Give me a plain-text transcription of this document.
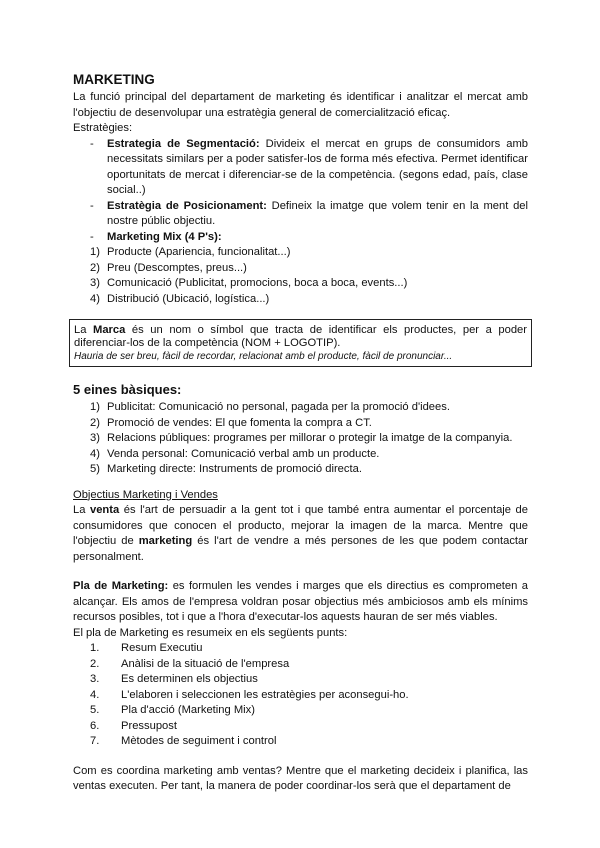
MARKETING

La funció principal del departament de marketing és identificar i analitzar el mercat amb l'objectiu de desenvolupar una estratègia general de comercialització eficaç.

Estratègies:
- Estrategia de Segmentació: Divideix el mercat en grups de consumidors amb necessitats similars per a poder satisfer-los de forma més efectiva. Permet identificar oportunitats de mercat i diferenciar-se de la competència. (segons edad, país, clase social..)
- Estratègia de Posicionament: Defineix la imatge que volem tenir en la ment del nostre públic objectiu.
- Marketing Mix (4 P's):
1) Producte (Apariencia, funcionalitat...)
2) Preu (Descomptes, preus...)
3) Comunicació (Publicitat, promocions, boca a boca, events...)
4) Distribució (Ubicació, logística...)

La Marca és un nom o símbol que tracta de identificar els productes, per a poder diferenciar-los de la competència (NOM + LOGOTIP).

Hauria de ser breu, fàcil de recordar, relacionat amb el producte, fàcil de pronunciar...
5 eines bàsiques:
1) Publicitat: Comunicació no personal, pagada per la promoció d'idees.
2) Promoció de vendes: El que fomenta la compra a CT.
3) Relacions públiques: programes per millorar o protegir la imatge de la companyia.
4) Venda personal: Comunicació verbal amb un producte.
5) Marketing directe: Instruments de promoció directa.
Objectius Marketing i Vendes

La venta és l'art de persuadir a la gent tot i que també entra aumentar el porcentaje de consumidores que conocen el producto, mejorar la imagen de la marca. Mentre que l'objectiu de marketing és l'art de vendre a més persones de les que podem contactar personalment.

Pla de Marketing: es formulen les vendes i marges que els directius es comprometen a alcançar. Els amos de l'empresa voldran posar objectius més ambiciosos amb els mínims recursos posibles, tot i que a l'hora d'executar-los aquests hauran de ser més viables.

El pla de Marketing es resumeix en els següents punts:
1. Resum Executiu
2. Anàlisi de la situació de l'empresa
3. Es determinen els objectius
4. L'elaboren i seleccionen les estratègies per aconsegui-ho.
5. Pla d'acció (Marketing Mix)
6. Pressupost
7. Mètodes de seguiment i control

Com es coordina marketing amb ventas? Mentre que el marketing decideix i planifica, las ventas executen. Per tant, la manera de poder coordinar-los serà que el departament de
